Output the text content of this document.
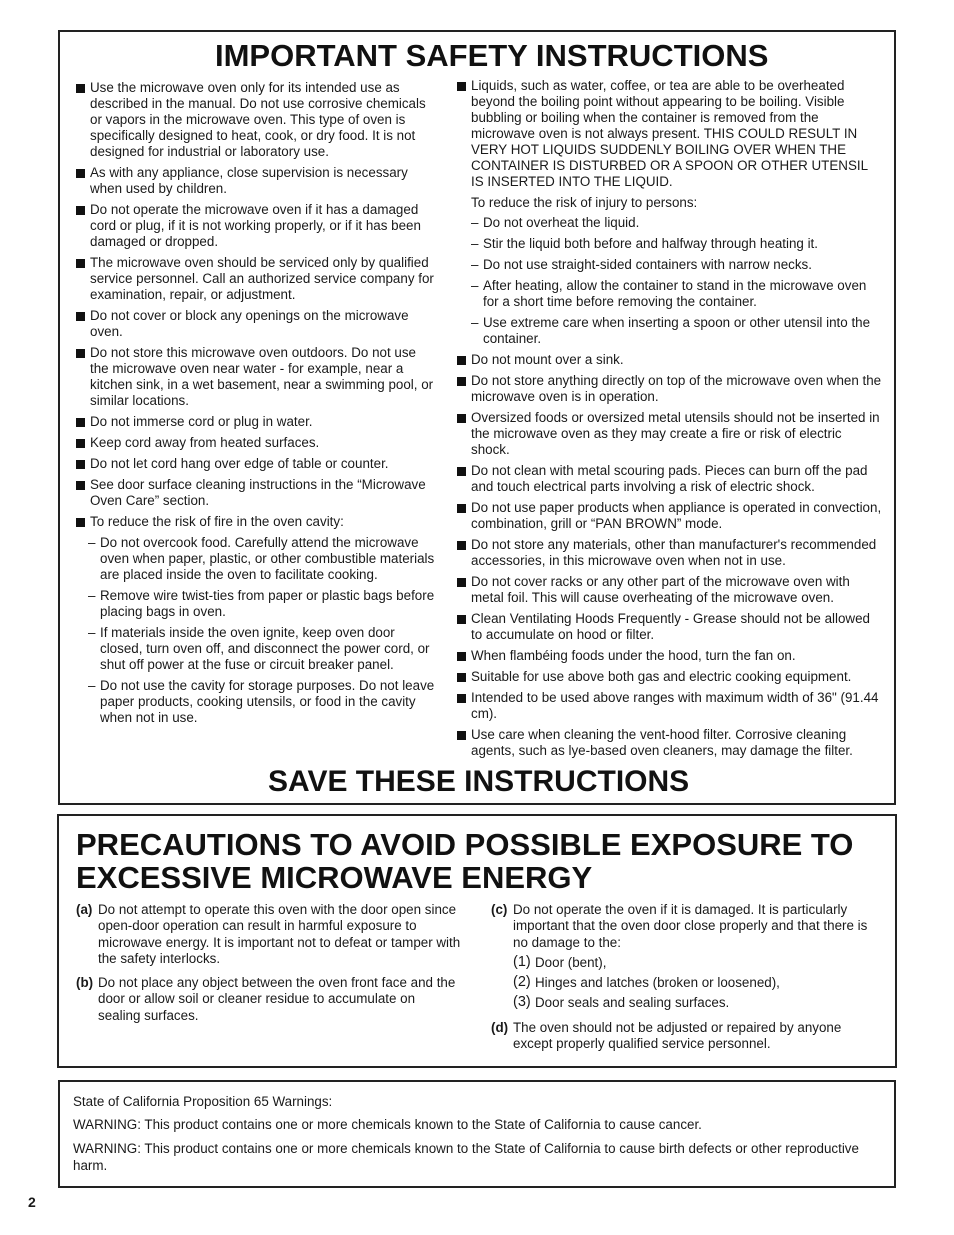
IMPORTANT SAFETY INSTRUCTIONS
Use the microwave oven only for its intended use as described in the manual. Do not use corrosive chemicals or vapors in the microwave oven. This type of oven is specifically designed to heat, cook, or dry food. It is not designed for industrial or laboratory use.
As with any appliance, close supervision is necessary when used by children.
Do not operate the microwave oven if it has a damaged cord or plug, if it is not working properly, or if it has been damaged or dropped.
The microwave oven should be serviced only by qualified service personnel. Call an authorized service company for examination, repair, or adjustment.
Do not cover or block any openings on the microwave oven.
Do not store this microwave oven outdoors. Do not use the microwave oven near water - for example, near a kitchen sink, in a wet basement, near a swimming pool, or similar locations.
Do not immerse cord or plug in water.
Keep cord away from heated surfaces.
Do not let cord hang over edge of table or counter.
See door surface cleaning instructions in the “Microwave Oven Care” section.
To reduce the risk of fire in the oven cavity:
– Do not overcook food. Carefully attend the microwave oven when paper, plastic, or other combustible materials are placed inside the oven to facilitate cooking.
– Remove wire twist-ties from paper or plastic bags before placing bags in oven.
– If materials inside the oven ignite, keep oven door closed, turn oven off, and disconnect the power cord, or shut off power at the fuse or circuit breaker panel.
– Do not use the cavity for storage purposes. Do not leave paper products, cooking utensils, or food in the cavity when not in use.
Liquids, such as water, coffee, or tea are able to be overheated beyond the boiling point without appearing to be boiling. Visible bubbling or boiling when the container is removed from the microwave oven is not always present. THIS COULD RESULT IN VERY HOT LIQUIDS SUDDENLY BOILING OVER WHEN THE CONTAINER IS DISTURBED OR A SPOON OR OTHER UTENSIL IS INSERTED INTO THE LIQUID.
To reduce the risk of injury to persons:
– Do not overheat the liquid.
– Stir the liquid both before and halfway through heating it.
– Do not use straight-sided containers with narrow necks.
– After heating, allow the container to stand in the microwave oven for a short time before removing the container.
– Use extreme care when inserting a spoon or other utensil into the container.
Do not mount over a sink.
Do not store anything directly on top of the microwave oven when the microwave oven is in operation.
Oversized foods or oversized metal utensils should not be inserted in the microwave oven as they may create a fire or risk of electric shock.
Do not clean with metal scouring pads. Pieces can burn off the pad and touch electrical parts involving a risk of electric shock.
Do not use paper products when appliance is operated in convection, combination, grill or “PAN BROWN” mode.
Do not store any materials, other than manufacturer's recommended accessories, in this microwave oven when not in use.
Do not cover racks or any other part of the microwave oven with metal foil. This will cause overheating of the microwave oven.
Clean Ventilating Hoods Frequently - Grease should not be allowed to accumulate on hood or filter.
When flambéing foods under the hood, turn the fan on.
Suitable for use above both gas and electric cooking equipment.
Intended to be used above ranges with maximum width of 36" (91.44 cm).
Use care when cleaning the vent-hood filter. Corrosive cleaning agents, such as lye-based oven cleaners, may damage the filter.
SAVE THESE INSTRUCTIONS
PRECAUTIONS TO AVOID POSSIBLE EXPOSURE TO
EXCESSIVE MICROWAVE ENERGY
(a) Do not attempt to operate this oven with the door open since open-door operation can result in harmful exposure to microwave energy. It is important not to defeat or tamper with the safety interlocks.
(b) Do not place any object between the oven front face and the door or allow soil or cleaner residue to accumulate on sealing surfaces.
(c) Do not operate the oven if it is damaged. It is particularly important that the oven door close properly and that there is no damage to the:
(1) Door (bent),
(2) Hinges and latches (broken or loosened),
(3) Door seals and sealing surfaces.
(d) The oven should not be adjusted or repaired by anyone except properly qualified service personnel.
State of California Proposition 65 Warnings:
WARNING: This product contains one or more chemicals known to the State of California to cause cancer.
WARNING: This product contains one or more chemicals known to the State of California to cause birth defects or other reproductive harm.
2
